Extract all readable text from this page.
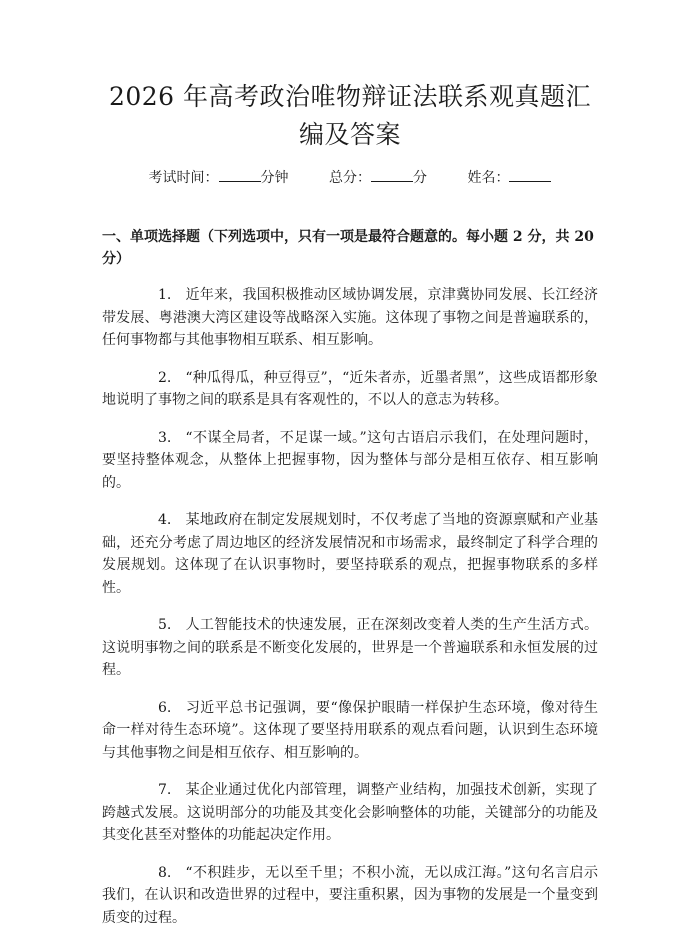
2026 年高考政治唯物辩证法联系观真题汇编及答案
考试时间：	分钟	总分：	分	姓名：
一、单项选择题（下列选项中，只有一项是最符合题意的。每小题 2 分，共 20 分）

1. 近年来，我国积极推动区域协调发展，京津冀协同发展、长江经济带发展、粤港澳大湾区建设等战略深入实施。这体现了事物之间是普遍联系的，任何事物都与其他事物相互联系、相互影响。

2. “种瓜得瓜，种豆得豆”，“近朱者赤，近墨者黑”，这些成语都形象地说明了事物之间的联系是具有客观性的，不以人的意志为转移。

3. “不谋全局者，不足谋一域。”这句古语启示我们，在处理问题时，要坚持整体观念，从整体上把握事物，因为整体与部分是相互依存、相互影响的。

4. 某地政府在制定发展规划时，不仅考虑了当地的资源禀赋和产业基础，还充分考虑了周边地区的经济发展情况和市场需求，最终制定了科学合理的发展规划。这体现了在认识事物时，要坚持联系的观点，把握事物联系的多样性。

5. 人工智能技术的快速发展，正在深刻改变着人类的生产生活方式。这说明事物之间的联系是不断变化发展的，世界是一个普遍联系和永恒发展的过程。

6. 习近平总书记强调，要“像保护眼睛一样保护生态环境，像对待生命一样对待生态环境”。这体现了要坚持用联系的观点看问题，认识到生态环境与其他事物之间是相互依存、相互影响的。

7. 某企业通过优化内部管理，调整产业结构，加强技术创新，实现了跨越式发展。这说明部分的功能及其变化会影响整体的功能，关键部分的功能及其变化甚至对整体的功能起决定作用。

8. “不积跬步，无以至千里；不积小流，无以成江海。”这句名言启示我们，在认识和改造世界的过程中，要注重积累，因为事物的发展是一个量变到质变的过程。
